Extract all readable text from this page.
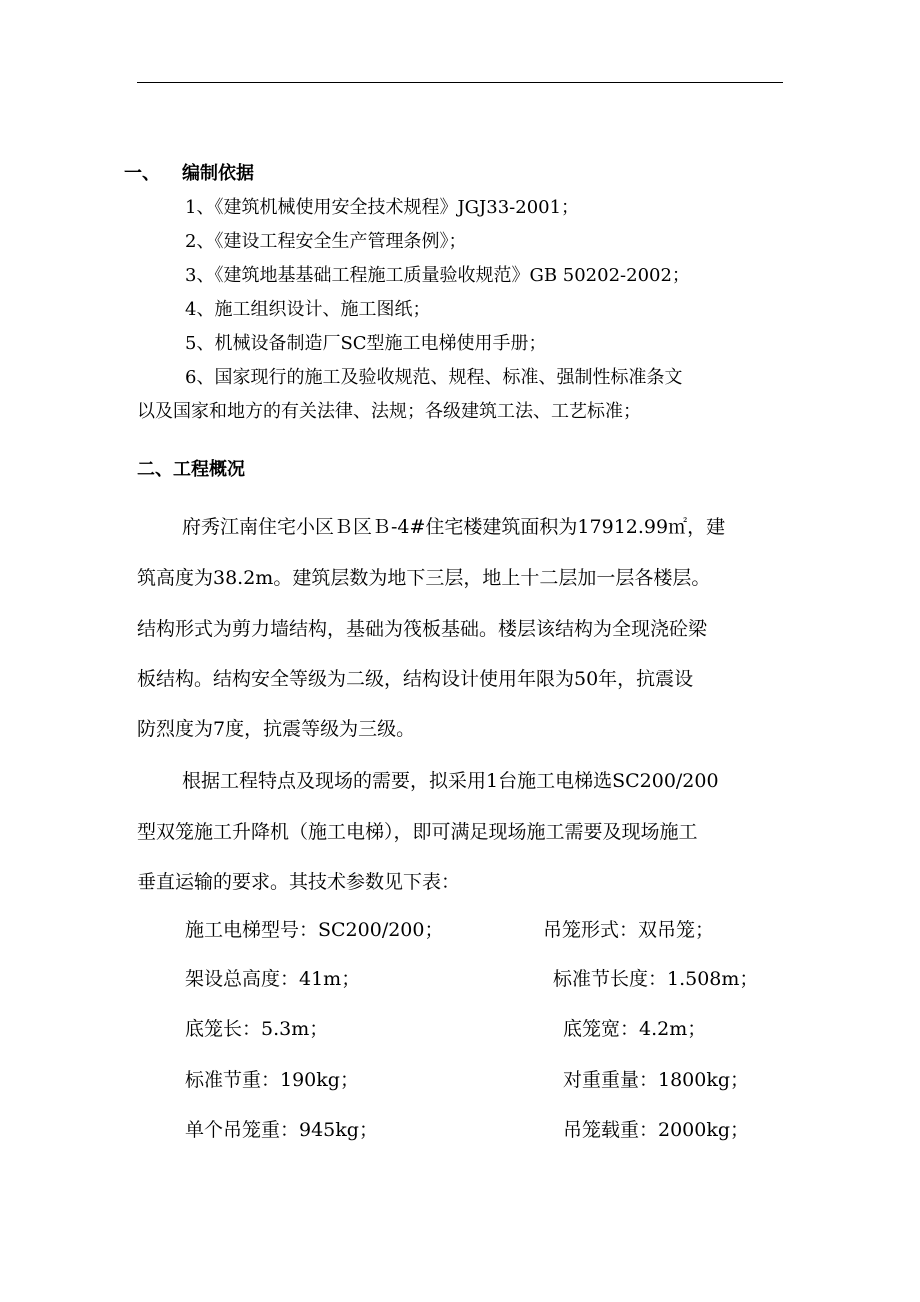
一、 编制依据
1、《建筑机械使用安全技术规程》JGJ33-2001；
2、《建设工程安全生产管理条例》；
3、《建筑地基基础工程施工质量验收规范》GB 50202-2002；
4、施工组织设计、施工图纸；
5、机械设备制造厂SC型施工电梯使用手册；
6、国家现行的施工及验收规范、规程、标准、强制性标准条文
以及国家和地方的有关法律、法规；各级建筑工法、工艺标准；
二、工程概况
府秀江南住宅小区Ｂ区Ｂ-4#住宅楼建筑面积为17912.99㎡，建
筑高度为38.2m。建筑层数为地下三层，地上十二层加一层各楼层。
结构形式为剪力墙结构，基础为筏板基础。楼层该结构为全现浇砼梁
板结构。结构安全等级为二级，结构设计使用年限为50年，抗震设
防烈度为7度，抗震等级为三级。
根据工程特点及现场的需要，拟采用1台施工电梯选SC200/200
型双笼施工升降机（施工电梯），即可满足现场施工需要及现场施工
垂直运输的要求。其技术参数见下表：
施工电梯型号：SC200/200；	吊笼形式：双吊笼；
架设总高度：41m；	标准节长度：1.508m；
底笼长：5.3m；	底笼宽：4.2m；
标准节重：190kg；	对重重量：1800kg；
单个吊笼重：945kg；	吊笼载重：2000kg；
